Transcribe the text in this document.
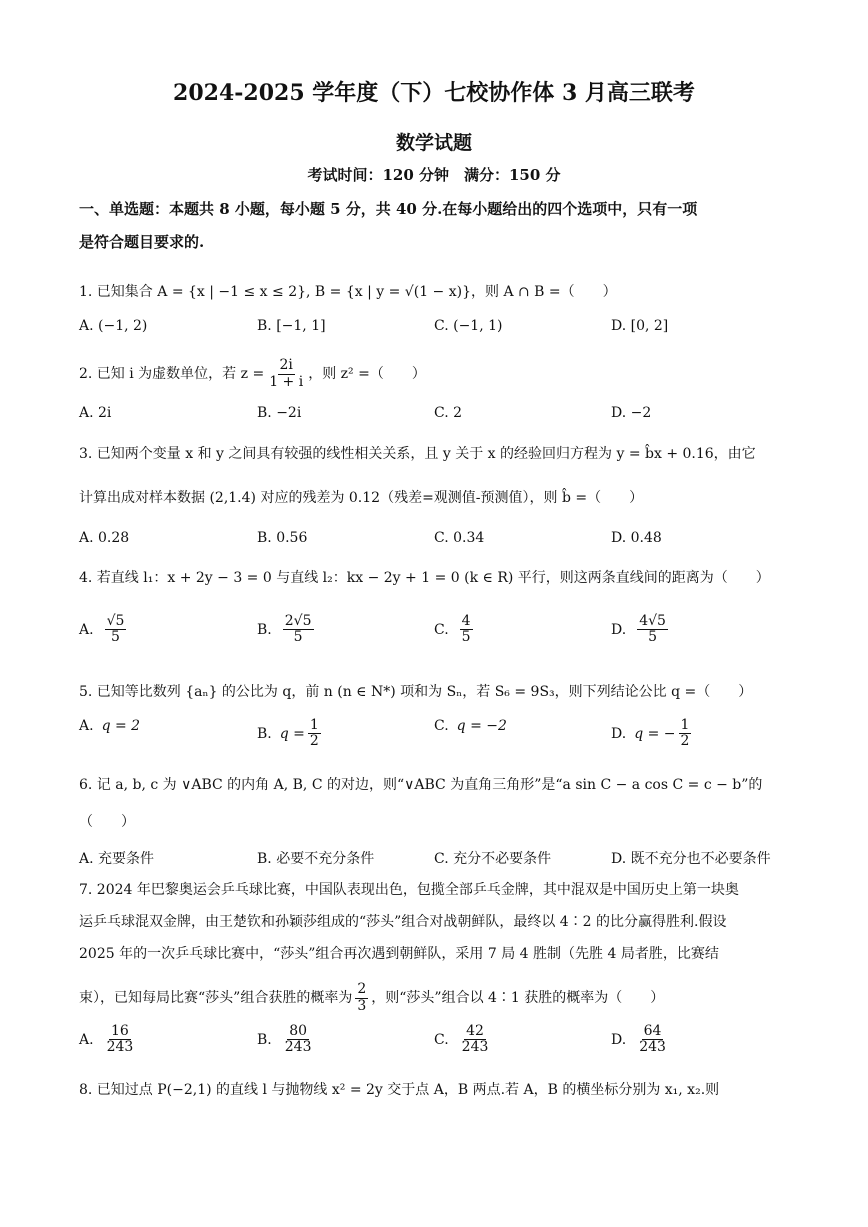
2024-2025 学年度（下）七校协作体 3 月高三联考
数学试题
考试时间：120 分钟　满分：150 分
一、单选题：本题共 8 小题，每小题 5 分，共 40 分.在每小题给出的四个选项中，只有一项
是符合题目要求的.
1. 已知集合 A = {x | −1 ≤ x ≤ 2}, B = {x | y = √(1 − x)}，则 A ∩ B =（　　）
A. (−1, 2)	B. [−1, 1]	C. (−1, 1)	D. [0, 2]
2. 已知 i 为虚数单位，若 $z = \frac{2i}{1 + i}$ ，则 z² =（　　）
A. 2i	B. −2i	C. 2	D. −2
3. 已知两个变量 x 和 y 之间具有较强的线性相关关系，且 y 关于 x 的经验回归方程为 y = b̂x + 0.16，由它
计算出成对样本数据 (2,1.4) 对应的残差为 0.12（残差=观测值-预测值），则 b̂ =（　　）
A. 0.28	B. 0.56	C. 0.34	D. 0.48
4. 若直线 l₁：x + 2y − 3 = 0 与直线 l₂：kx − 2y + 1 = 0 (k ∈ R) 平行，则这两条直线间的距离为（　　）
A. $\frac{√5}{5}$	B. $\frac{2√5}{5}$	C. $\frac{4}{5}$	D. $\frac{4√5}{5}$
5. 已知等比数列 {aₙ} 的公比为 q，前 n (n ∈ N*) 项和为 Sₙ，若 S₆ = 9S₃，则下列结论公比 q =（　　）
A. q = 2	B. $q = \frac{1}{2}$	C. q = −2	D. q = − $\frac{1}{2}$
6. 记 a, b, c 为 ∨ABC 的内角 A, B, C 的对边，则“∨ABC 为直角三角形”是“a sin C − a cos C = c − b”的
（　　）
A. 充要条件	B. 必要不充分条件	C. 充分不必要条件	D. 既不充分也不必要条件
7. 2024 年巴黎奥运会乒乓球比赛，中国队表现出色，包揽全部乒乓金牌，其中混双是中国历史上第一块奥
运乒乓球混双金牌，由王楚钦和孙颖莎组成的“莎头”组合对战朝鲜队，最终以 4∶2 的比分赢得胜利.假设
2025 年的一次乒乓球比赛中，“莎头”组合再次遇到朝鲜队，采用 7 局 4 胜制（先胜 4 局者胜，比赛结
束），已知每局比赛“莎头”组合获胜的概率为 $\frac{2}{3}$ ，则“莎头”组合以 4∶1 获胜的概率为（　　）
A. $\frac{16}{243}$	B. $\frac{80}{243}$	C. $\frac{42}{243}$	D. $\frac{64}{243}$
8. 已知过点 P(−2,1) 的直线 l 与抛物线 x² = 2y 交于点 A，B 两点.若 A，B 的横坐标分别为 x₁, x₂.则
